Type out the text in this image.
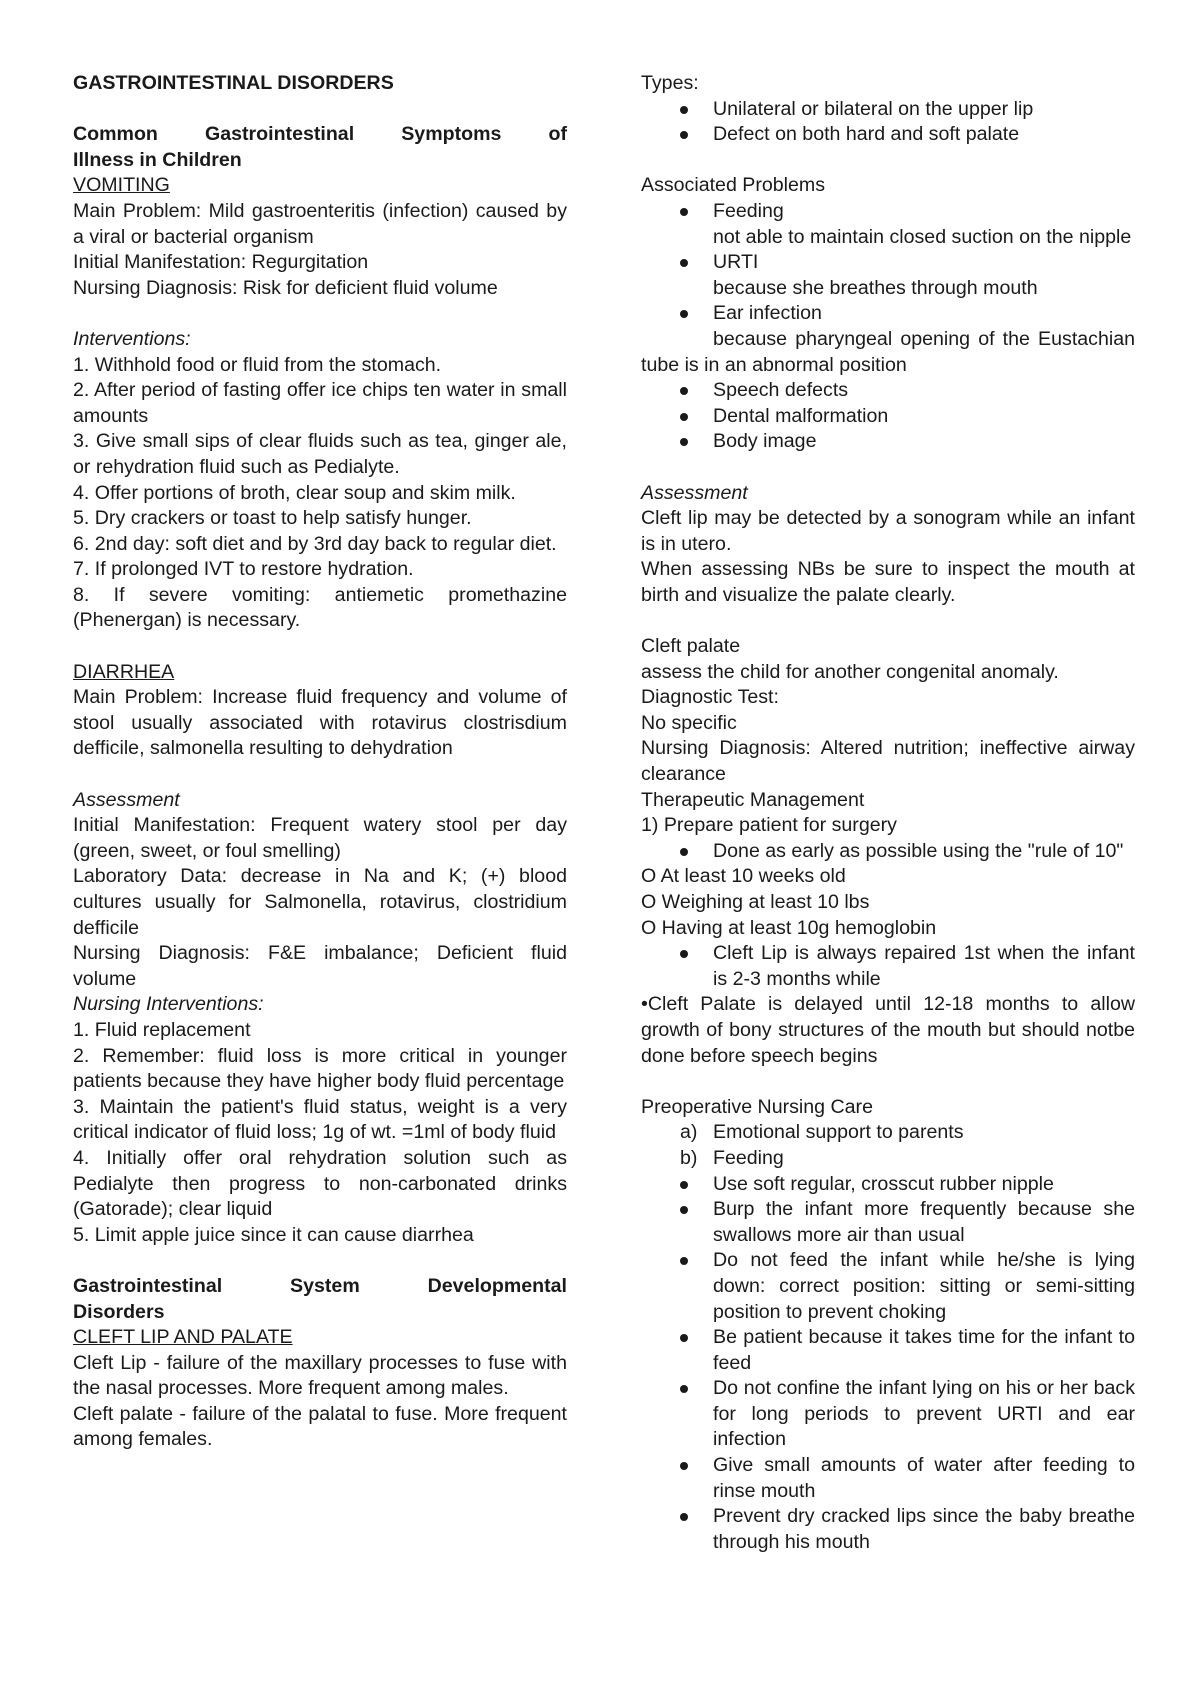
GASTROINTESTINAL DISORDERS

Common Gastrointestinal Symptoms of

Illness in Children

VOMITING

Main Problem: Mild gastroenteritis (infection) caused by a viral or bacterial organism

Initial Manifestation: Regurgitation

Nursing Diagnosis: Risk for deficient fluid volume

Interventions:

1. Withhold food or fluid from the stomach.

2. After period of fasting offer ice chips ten water in small amounts

3. Give small sips of clear fluids such as tea, ginger ale, or rehydration fluid such as Pedialyte.

4. Offer portions of broth, clear soup and skim milk.

5. Dry crackers or toast to help satisfy hunger.

6. 2nd day: soft diet and by 3rd day back to regular diet.

7. If prolonged IVT to restore hydration.

8. If severe vomiting: antiemetic promethazine (Phenergan) is necessary.

DIARRHEA

Main Problem: Increase fluid frequency and volume of stool usually associated with rotavirus clostrisdium defficile, salmonella resulting to dehydration

Assessment

Initial Manifestation: Frequent watery stool per day (green, sweet, or foul smelling)

Laboratory Data: decrease in Na and K; (+) blood cultures usually for Salmonella, rotavirus, clostridium defficile

Nursing Diagnosis: F&E imbalance; Deficient fluid volume

Nursing Interventions:

1. Fluid replacement

2. Remember: fluid loss is more critical in younger patients because they have higher body fluid percentage

3. Maintain the patient's fluid status, weight is a very critical indicator of fluid loss; 1g of wt. =1ml of body fluid

4. Initially offer oral rehydration solution such as Pedialyte then progress to non-carbonated drinks (Gatorade); clear liquid

5. Limit apple juice since it can cause diarrhea

Gastrointestinal System Developmental

Disorders

CLEFT LIP AND PALATE

Cleft Lip - failure of the maxillary processes to fuse with the nasal processes. More frequent among males.

Cleft palate - failure of the palatal to fuse. More frequent among females.

Types:

Unilateral or bilateral on the upper lip

Defect on both hard and soft palate

Associated Problems

Feeding

not able to maintain closed suction on the nipple

URTI

because she breathes through mouth

Ear infection

because pharyngeal opening of the Eustachian tube is in an abnormal position

Speech defects

Dental malformation

Body image

Assessment

Cleft lip may be detected by a sonogram while an infant is in utero.

When assessing NBs be sure to inspect the mouth at birth and visualize the palate clearly.

Cleft palate

assess the child for another congenital anomaly.

Diagnostic Test:

No specific

Nursing Diagnosis: Altered nutrition; ineffective airway clearance

Therapeutic Management

1) Prepare patient for surgery

Done as early as possible using the "rule of 10"

O At least 10 weeks old

O Weighing at least 10 lbs

O Having at least 10g hemoglobin

Cleft Lip is always repaired 1st when the infant is 2-3 months while

•Cleft Palate is delayed until 12-18 months to allow growth of bony structures of the mouth but should notbe done before speech begins

Preoperative Nursing Care

a) Emotional support to parents

b) Feeding

Use soft regular, crosscut rubber nipple

Burp the infant more frequently because she swallows more air than usual

Do not feed the infant while he/she is lying down: correct position: sitting or semi-sitting position to prevent choking

Be patient because it takes time for the infant to feed

Do not confine the infant lying on his or her back for long periods to prevent URTI and ear infection

Give small amounts of water after feeding to rinse mouth

Prevent dry cracked lips since the baby breathe through his mouth
